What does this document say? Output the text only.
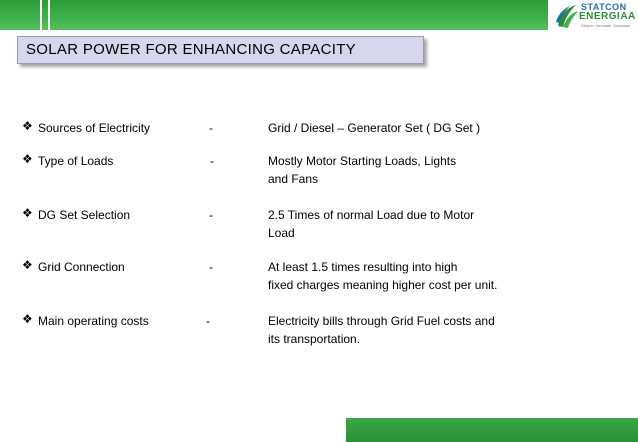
STATCON
ENERGIAA
Stepon. Innovate. Empower
SOLAR POWER FOR ENHANCING CAPACITY
❖ Sources of Electricity	-	Grid / Diesel – Generator Set ( DG Set )
❖ Type of Loads	-	Mostly Motor Starting Loads, Lights
and Fans
❖ DG Set Selection	-	2.5 Times of normal Load due to Motor
Load
❖ Grid Connection	-	At least 1.5 times resulting into high
fixed charges meaning higher cost per unit.
❖ Main operating costs	-	Electricity bills through Grid Fuel costs and
its transportation.
